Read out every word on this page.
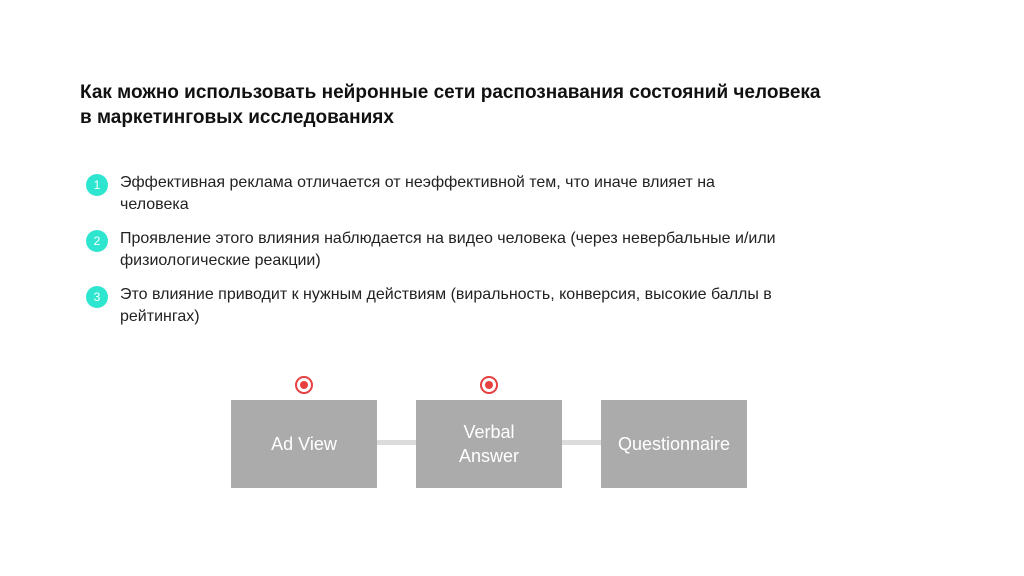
Как можно использовать нейронные сети распознавания состояний человека
в маркетинговых исследованиях
1	Эффективная реклама отличается от неэффективной тем, что иначе влияет на
человека
2	Проявление этого влияния наблюдается на видео человека (через невербальные и/или
физиологические реакции)
3	Это влияние приводит к нужным действиям (виральность, конверсия, высокие баллы в
рейтингах)
Ad View
Verbal
Answer
Questionnaire
